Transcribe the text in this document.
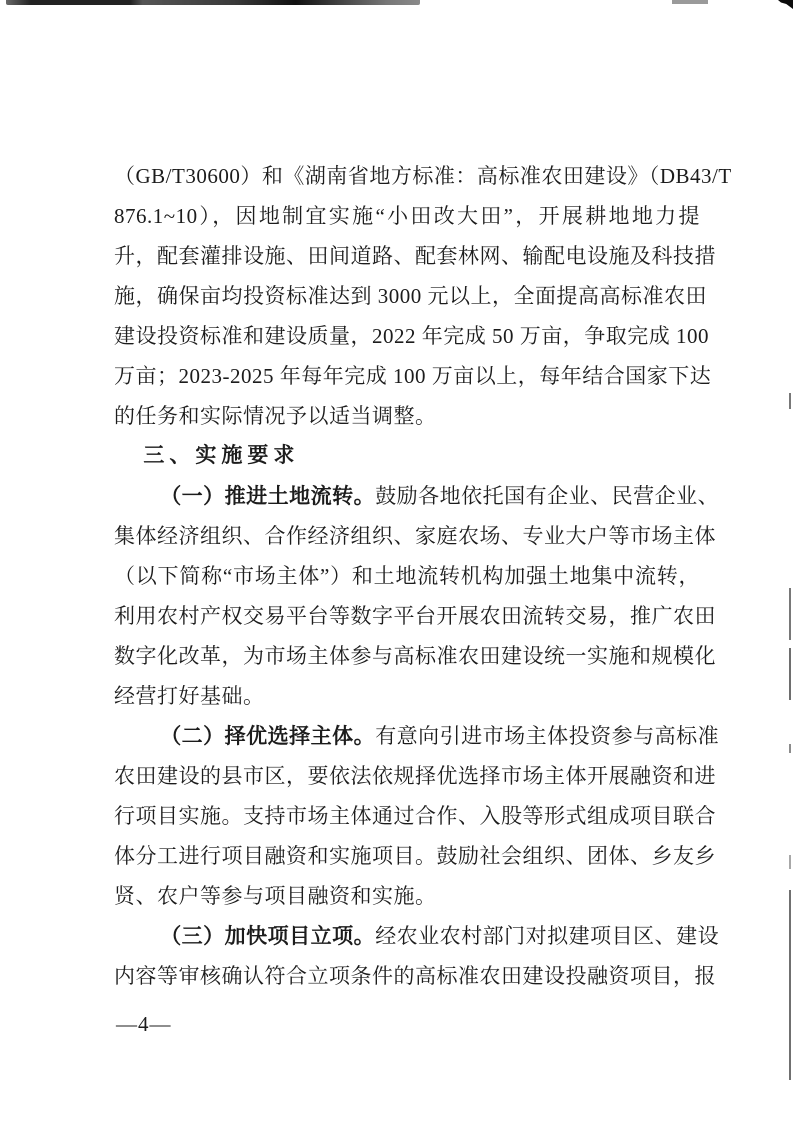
（GB/T30600）和《湖南省地方标准：高标准农田建设》（DB43/T
876.1~10），因地制宜实施“小田改大田”，开展耕地地力提
升，配套灌排设施、田间道路、配套林网、输配电设施及科技措
施，确保亩均投资标准达到 3000 元以上，全面提高高标准农田
建设投资标准和建设质量，2022 年完成 50 万亩，争取完成 100
万亩；2023-2025 年每年完成 100 万亩以上，每年结合国家下达
的任务和实际情况予以适当调整。
三、实施要求
（一）推进土地流转。鼓励各地依托国有企业、民营企业、
集体经济组织、合作经济组织、家庭农场、专业大户等市场主体
（以下简称“市场主体”）和土地流转机构加强土地集中流转，
利用农村产权交易平台等数字平台开展农田流转交易，推广农田
数字化改革，为市场主体参与高标准农田建设统一实施和规模化
经营打好基础。
（二）择优选择主体。有意向引进市场主体投资参与高标准
农田建设的县市区，要依法依规择优选择市场主体开展融资和进
行项目实施。支持市场主体通过合作、入股等形式组成项目联合
体分工进行项目融资和实施项目。鼓励社会组织、团体、乡友乡
贤、农户等参与项目融资和实施。
（三）加快项目立项。经农业农村部门对拟建项目区、建设
内容等审核确认符合立项条件的高标准农田建设投融资项目，报
—4—
